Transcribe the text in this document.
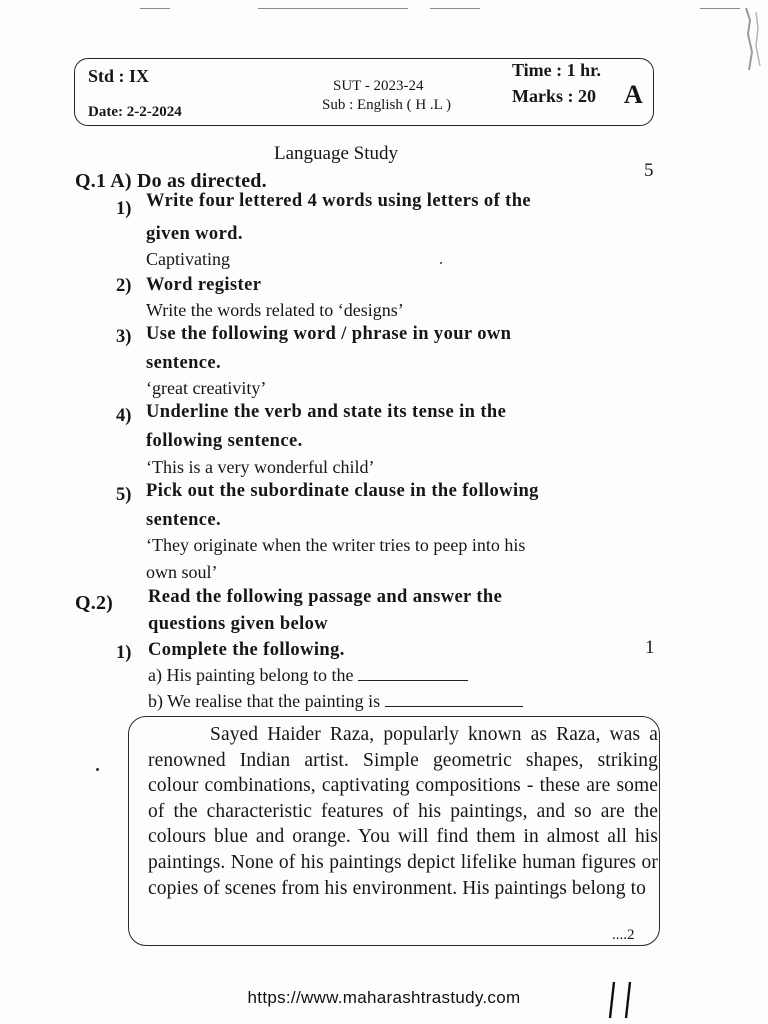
Std : IX
Date: 2-2-2024
SUT - 2023-24
Sub : English ( H .L )
Time : 1 hr.
Marks : 20 A
Language Study
Q.1 A) Do as directed.	5
1) Write four lettered 4 words using letters of the
given word.
Captivating
2) Word register
Write the words related to ‘designs’
3) Use the following word / phrase in your own
sentence.
‘great creativity’
4) Underline the verb and state its tense in the
following sentence.
‘This is a very wonderful child’
5) Pick out the subordinate clause in the following
sentence.
‘They originate when the writer tries to peep into his
own soul’
Q.2) Read the following passage and answer the
questions given below
1) Complete the following.	1
a) His painting belong to the
b) We realise that the painting is
Sayed Haider Raza, popularly known as Raza, was a renowned Indian artist. Simple geometric shapes, striking colour combinations, captivating compositions - these are some of the characteristic features of his paintings, and so are the colours blue and orange. You will find them in almost all his paintings. None of his paintings depict lifelike human figures or copies of scenes from his environment. His paintings belong to
....2
https://www.maharashtrastudy.com
